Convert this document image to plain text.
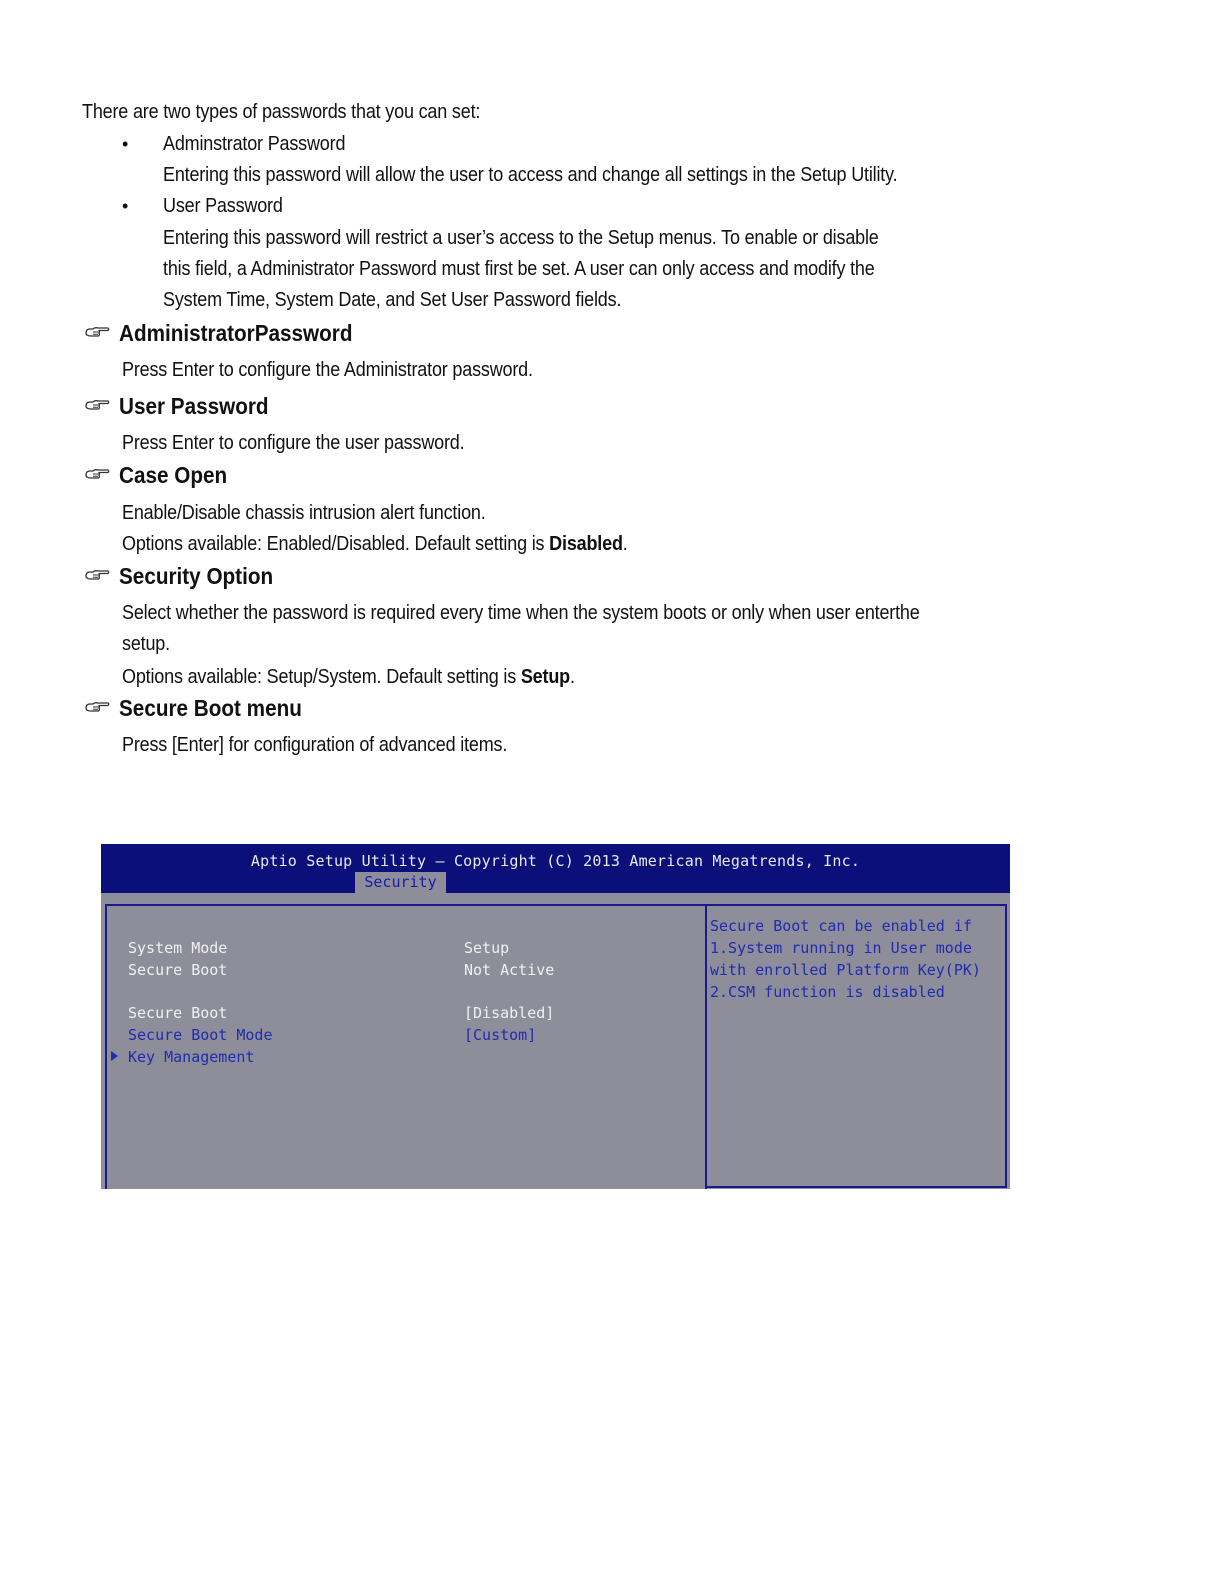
There are two types of passwords that you can set:
• Adminstrator Password
Entering this password will allow the user to access and change all settings in the Setup Utility.
• User Password
Entering this password will restrict a user’s access to the Setup menus. To enable or disable
this field, a Administrator Password must first be set. A user can only access and modify the
System Time, System Date, and Set User Password fields.
AdministratorPassword
Press Enter to configure the Administrator password.
User Password
Press Enter to configure the user password.
Case Open
Enable/Disable chassis intrusion alert function.
Options available: Enabled/Disabled. Default setting is Disabled.
Security Option
Select whether the password is required every time when the system boots or only when user enterthe
setup.
Options available: Setup/System. Default setting is Setup.
Secure Boot menu
Press [Enter] for configuration of advanced items.
Aptio Setup Utility – Copyright (C) 2013 American Megatrends, Inc.
Security
System Mode	Setup
Secure Boot	Not Active
Secure Boot	[Disabled]
Secure Boot Mode	[Custom]
Key Management
Secure Boot can be enabled if
1.System running in User mode
with enrolled Platform Key(PK)
2.CSM function is disabled
